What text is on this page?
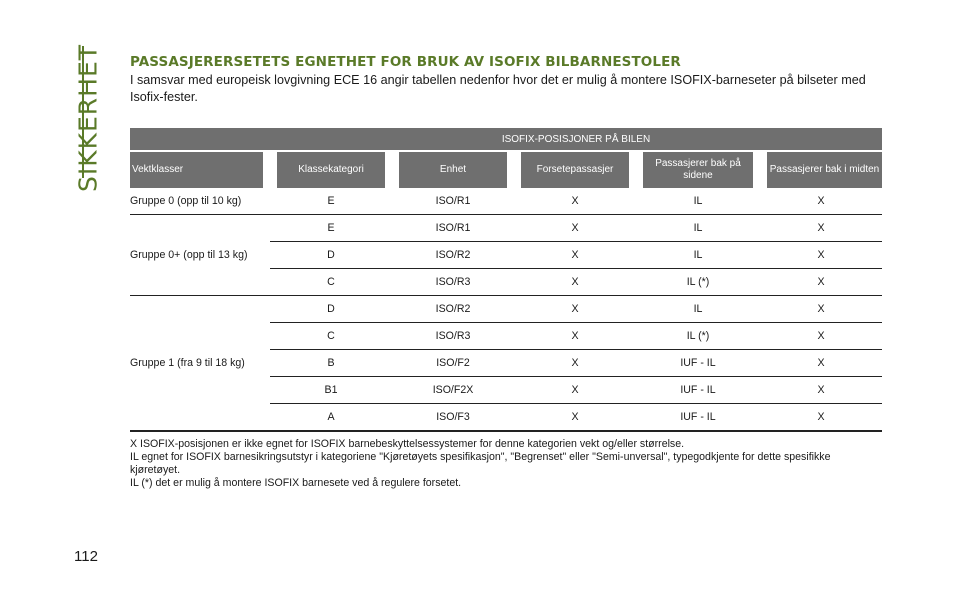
SIKKERHET
112
PASSASJERERSETETS EGNETHET FOR BRUK AV ISOFIX BILBARNESTOLER

I samsvar med europeisk lovgivning ECE 16 angir tabellen nedenfor hvor det er mulig å montere ISOFIX-barneseter på bilseter med Isofix-fester.

	ISOFIX-POSISJONER PÅ BILEN				
Vektklasser	Klassekategori	Enhet	Forsetepassasjer	Passasjerer bak på sidene	Passasjerer bak i midten
Gruppe 0 (opp til 10 kg)	E	ISO/R1	X	IL	X
Gruppe 0+ (opp til 13 kg)	E	ISO/R1	X	IL	X
	D	ISO/R2	X	IL	X
	C	ISO/R3	X	IL (*)	X
Gruppe 1 (fra 9 til 18 kg)	D	ISO/R2	X	IL	X
	C	ISO/R3	X	IL (*)	X
	B	ISO/F2	X	IUF - IL	X
	B1	ISO/F2X	X	IUF - IL	X
	A	ISO/F3	X	IUF - IL	X

X ISOFIX-posisjonen er ikke egnet for ISOFIX barnebeskyttelsessystemer for denne kategorien vekt og/eller størrelse.

IL egnet for ISOFIX barnesikringsutstyr i kategoriene "Kjøretøyets spesifikasjon", "Begrenset" eller "Semi-unversal", typegodkjente for dette spesifikke kjøretøyet.

IL (*) det er mulig å montere ISOFIX barnesete ved å regulere forsetet.
